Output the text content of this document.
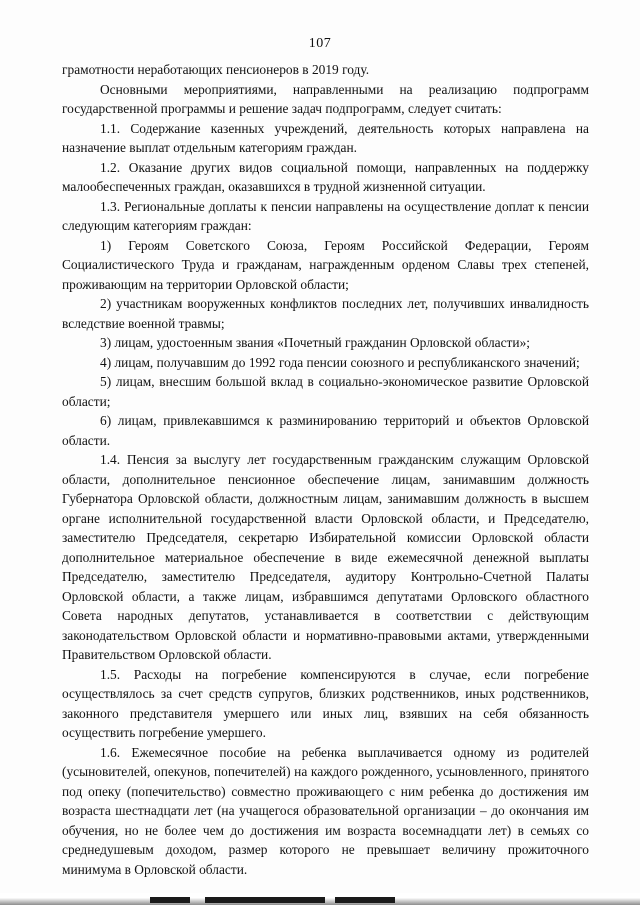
107

грамотности неработающих пенсионеров в 2019 году.

Основными мероприятиями, направленными на реализацию подпрограмм государственной программы и решение задач подпрограмм, следует считать:

1.1. Содержание казенных учреждений, деятельность которых направлена на назначение выплат отдельным категориям граждан.

1.2. Оказание других видов социальной помощи, направленных на поддержку малообеспеченных граждан, оказавшихся в трудной жизненной ситуации.

1.3. Региональные доплаты к пенсии направлены на осуществление доплат к пенсии следующим категориям граждан:

1) Героям Советского Союза, Героям Российской Федерации, Героям Социалистического Труда и гражданам, награжденным орденом Славы трех степеней, проживающим на территории Орловской области;

2) участникам вооруженных конфликтов последних лет, получивших инвалидность вследствие военной травмы;

3) лицам, удостоенным звания «Почетный гражданин Орловской области»;

4) лицам, получавшим до 1992 года пенсии союзного и республиканского значений;

5) лицам, внесшим большой вклад в социально-экономическое развитие Орловской области;

6) лицам, привлекавшимся к разминированию территорий и объектов Орловской области.

1.4. Пенсия за выслугу лет государственным гражданским служащим Орловской области, дополнительное пенсионное обеспечение лицам, занимавшим должность Губернатора Орловской области, должностным лицам, занимавшим должность в высшем органе исполнительной государственной власти Орловской области, и Председателю, заместителю Председателя, секретарю Избирательной комиссии Орловской области дополнительное материальное обеспечение в виде ежемесячной денежной выплаты Председателю, заместителю Председателя, аудитору Контрольно-Счетной Палаты Орловской области, а также лицам, избравшимся депутатами Орловского областного Совета народных депутатов, устанавливается в соответствии с действующим законодательством Орловской области и нормативно-правовыми актами, утвержденными Правительством Орловской области.

1.5. Расходы на погребение компенсируются в случае, если погребение осуществлялось за счет средств супругов, близких родственников, иных родственников, законного представителя умершего или иных лиц, взявших на себя обязанность осуществить погребение умершего.

1.6. Ежемесячное пособие на ребенка выплачивается одному из родителей (усыновителей, опекунов, попечителей) на каждого рожденного, усыновленного, принятого под опеку (попечительство) совместно проживающего с ним ребенка до достижения им возраста шестнадцати лет (на учащегося образовательной организации – до окончания им обучения, но не более чем до достижения им возраста восемнадцати лет) в семьях со среднедушевым доходом, размер которого не превышает величину прожиточного минимума в Орловской области.
